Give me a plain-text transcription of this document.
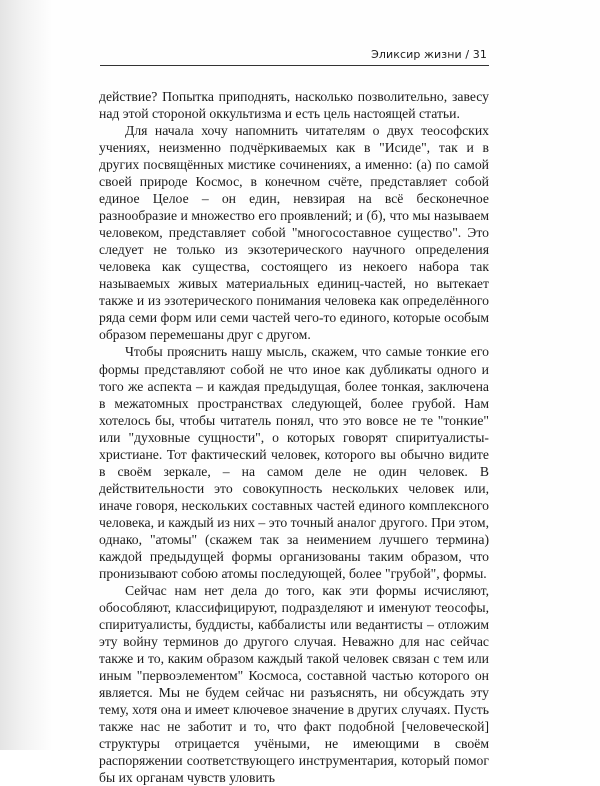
Эликсир жизни / 31

действие? Попытка приподнять, насколько позволительно, завесу над этой стороной оккультизма и есть цель настоящей статьи.

Для начала хочу напомнить читателям о двух теософских учениях, неизменно подчёркиваемых как в "Исиде", так и в других посвящённых мистике сочинениях, а именно: (а) по самой своей природе Космос, в конечном счёте, представляет собой единое Целое – он един, невзирая на всё бесконечное разнообразие и множество его проявлений; и (б), что мы называем человеком, представляет собой "многосоставное существо". Это следует не только из экзотерического научного определения человека как существа, состоящего из некоего набора так называемых живых материальных единиц-частей, но вытекает также и из эзотерического понимания человека как определённого ряда семи форм или семи частей чего-то единого, которые особым образом перемешаны друг с другом.

Чтобы прояснить нашу мысль, скажем, что самые тонкие его формы представляют собой не что иное как дубликаты одного и того же аспекта – и каждая предыдущая, более тонкая, заключена в межатомных пространствах следующей, более грубой. Нам хотелось бы, чтобы читатель понял, что это вовсе не те "тонкие" или "духовные сущности", о которых говорят спиритуалисты-христиане. Тот фактический человек, которого вы обычно видите в своём зеркале, – на самом деле не один человек. В действительности это совокупность нескольких человек или, иначе говоря, нескольких составных частей единого комплексного человека, и каждый из них – это точный аналог другого. При этом, однако, "атомы" (скажем так за неимением лучшего термина) каждой предыдущей формы организованы таким образом, что пронизывают собою атомы последующей, более "грубой", формы.

Сейчас нам нет дела до того, как эти формы исчисляют, обособляют, классифицируют, подразделяют и именуют теософы, спиритуалисты, буддисты, каббалисты или ведантисты – отложим эту войну терминов до другого случая. Неважно для нас сейчас также и то, каким образом каждый такой человек связан с тем или иным "первоэлементом" Космоса, составной частью которого он является. Мы не будем сейчас ни разъяснять, ни обсуждать эту тему, хотя она и имеет ключевое значение в других случаях. Пусть также нас не заботит и то, что факт подобной [человеческой] структуры отрицается учёными, не имеющими в своём распоряжении соответствующего инструментария, который помог бы их органам чувств уловить
